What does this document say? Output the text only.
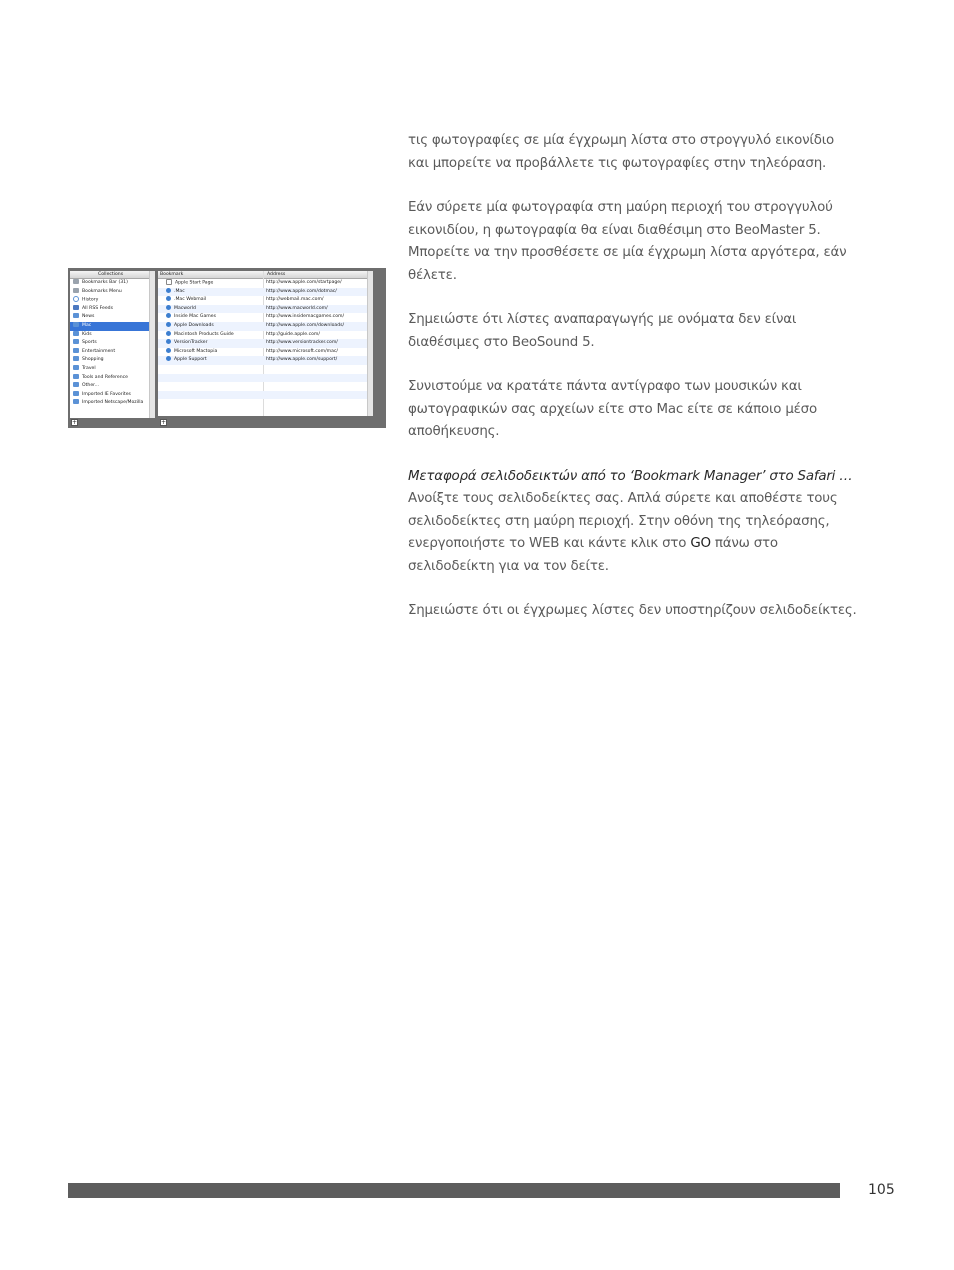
Collections
Bookmarks Bar (31)
Bookmarks Menu
History
All RSS Feeds
News
Mac
Kids
Sports
Entertainment
Shopping
Travel
Tools and Reference
Other...
Imported IE Favorites
Imported Netscape/Mozilla
Bookmark	Address
Apple Start Page	http://www.apple.com/startpage/
.Mac	http://www.apple.com/dotmac/
.Mac Webmail	http://webmail.mac.com/
Macworld	http://www.macworld.com/
Inside Mac Games	http://www.insidemacgames.com/
Apple Downloads	http://www.apple.com/downloads/
Macintosh Products Guide	http://guide.apple.com/
VersionTracker	http://www.versiontracker.com/
Microsoft Mactopia	http://www.microsoft.com/mac/
Apple Support	http://www.apple.com/support/
+	+

τις φωτογραφίες σε μία έγχρωμη λίστα στο στρογγυλό εικονίδιο και μπορείτε να προβάλλετε τις φωτογραφίες στην τηλεόραση.

Εάν σύρετε μία φωτογραφία στη μαύρη περιοχή του στρογγυλού εικονιδίου, η φωτογραφία θα είναι διαθέσιμη στο BeoMaster 5. Μπορείτε να την προσθέσετε σε μία έγχρωμη λίστα αργότερα, εάν θέλετε.

Σημειώστε ότι λίστες αναπαραγωγής με ονόματα δεν είναι διαθέσιμες στο BeoSound 5.

Συνιστούμε να κρατάτε πάντα αντίγραφο των μουσικών και φωτογραφικών σας αρχείων είτε στο Mac είτε σε κάποιο μέσο αποθήκευσης.

Μεταφορά σελιδοδεικτών από το ‘Bookmark Manager’ στο Safari …
Ανοίξτε τους σελιδοδείκτες σας. Απλά σύρετε και αποθέστε τους σελιδοδείκτες στη μαύρη περιοχή. Στην οθόνη της τηλεόρασης, ενεργοποιήστε το WEB και κάντε κλικ στο GO πάνω στο σελιδοδείκτη για να τον δείτε.

Σημειώστε ότι οι έγχρωμες λίστες δεν υποστηρίζουν σελιδοδείκτες.

105
